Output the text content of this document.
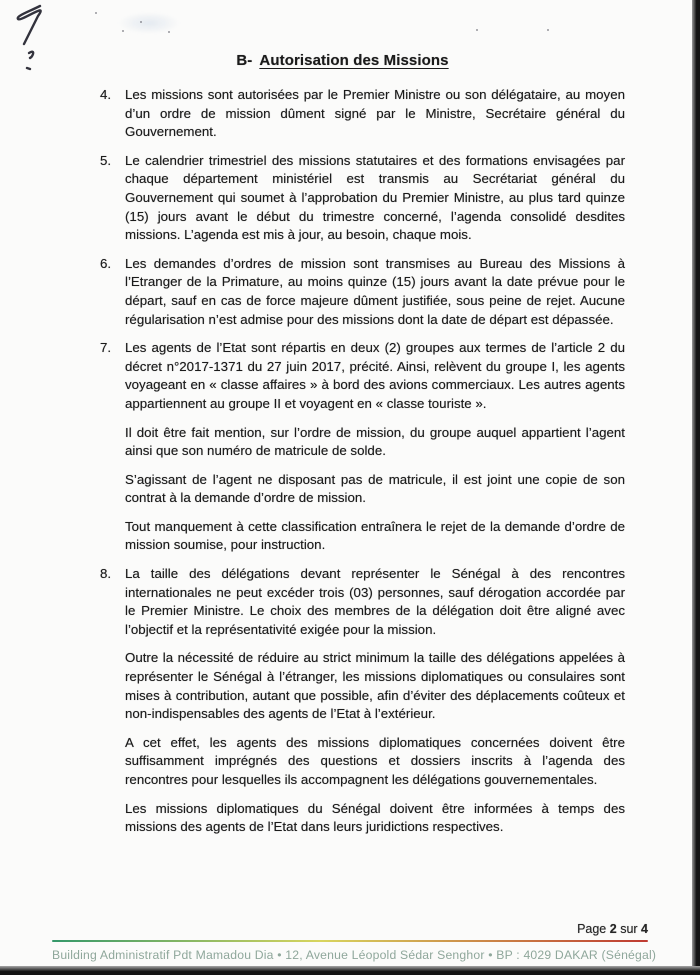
B- Autorisation des Missions
4.	Les missions sont autorisées par le Premier Ministre ou son délégataire, au moyen d’un ordre de mission dûment signé par le Ministre, Secrétaire général du Gouvernement.

5.	Le calendrier trimestriel des missions statutaires et des formations envisagées par chaque département ministériel est transmis au Secrétariat général du Gouvernement qui soumet à l’approbation du Premier Ministre, au plus tard quinze (15) jours avant le début du trimestre concerné, l’agenda consolidé desdites missions. L’agenda est mis à jour, au besoin, chaque mois.

6.	Les demandes d’ordres de mission sont transmises au Bureau des Missions à l’Etranger de la Primature, au moins quinze (15) jours avant la date prévue pour le départ, sauf en cas de force majeure dûment justifiée, sous peine de rejet. Aucune régularisation n’est admise pour des missions dont la date de départ est dépassée.

7.	Les agents de l’Etat sont répartis en deux (2) groupes aux termes de l’article 2 du décret n°2017-1371 du 27 juin 2017, précité. Ainsi, relèvent du groupe I, les agents voyageant en « classe affaires » à bord des avions commerciaux. Les autres agents appartiennent au groupe II et voyagent en « classe touriste ».

Il doit être fait mention, sur l’ordre de mission, du groupe auquel appartient l’agent ainsi que son numéro de matricule de solde.

S’agissant de l’agent ne disposant pas de matricule, il est joint une copie de son contrat à la demande d’ordre de mission.

Tout manquement à cette classification entraînera le rejet de la demande d’ordre de mission soumise, pour instruction.

8.	La taille des délégations devant représenter le Sénégal à des rencontres internationales ne peut excéder trois (03) personnes, sauf dérogation accordée par le Premier Ministre. Le choix des membres de la délégation doit être aligné avec l’objectif et la représentativité exigée pour la mission.

Outre la nécessité de réduire au strict minimum la taille des délégations appelées à représenter le Sénégal à l’étranger, les missions diplomatiques ou consulaires sont mises à contribution, autant que possible, afin d’éviter des déplacements coûteux et non-indispensables des agents de l’Etat à l’extérieur.

A cet effet, les agents des missions diplomatiques concernées doivent être suffisamment imprégnés des questions et dossiers inscrits à l’agenda des rencontres pour lesquelles ils accompagnent les délégations gouvernementales.

Les missions diplomatiques du Sénégal doivent être informées à temps des missions des agents de l’Etat dans leurs juridictions respectives.

Page 2 sur 4
Building Administratif Pdt Mamadou Dia • 12, Avenue Léopold Sédar Senghor • BP : 4029 DAKAR (Sénégal)
